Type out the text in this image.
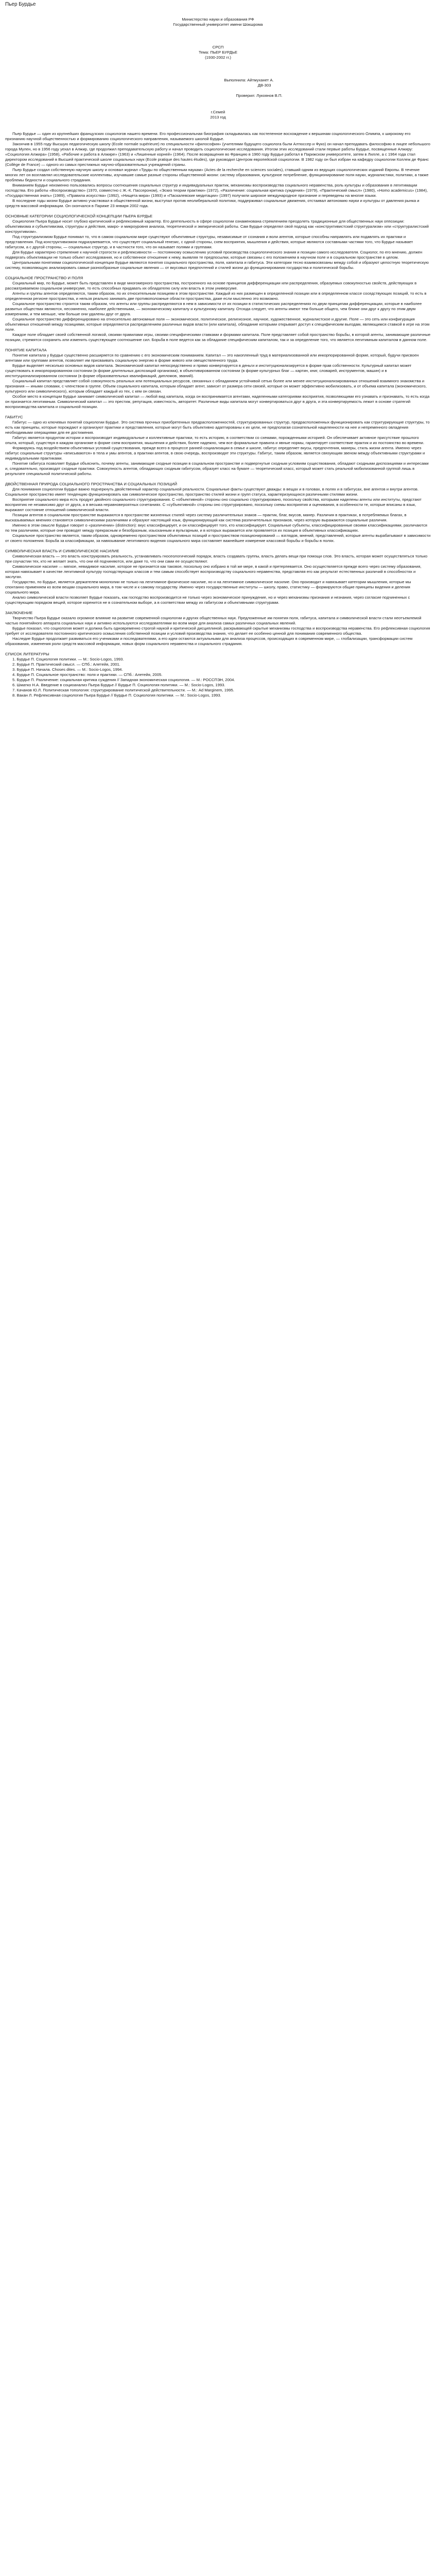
Пьер Бурдье

Министерство науки и образования РФ

Государственный университет имени Шокшрома

СРСП

Тема: ПЬЕР БУРДЬЕ

(1930-2002 гг.)

Выполнила: Айтмуханет А.

ДВ-303

Проверил: Лукоянов В.П.

г.Семей

2013 год

Пьер Бурдье — один из крупнейших французских социологов нашего времени. Его профессиональная биография складывалась как постепенное восхождение к вершинам социологического Олимпа, к широкому его признанию научной общественностью и формированию социологического направления, называемого школой Бурдье.

Закончив в 1955 году Высшую педагогическую школу (Ecole normale supérieure) по специальности «философия» (учителями будущего социолога были Алтюссер и Фуко) он начал преподавать философию в лицее небольшого города Мулен, но в 1956 году уехал в Алжир, где продолжил преподавательскую работу и начал проводить социологические исследования. Итогом этих исследований стали первые работы Бурдье, посвященные Алжиру: «Социология Алжира» (1958), «Рабочие и работа в Алжире» (1963) и «Лишенные корней» (1964). После возвращения во Францию в 1960 году Бурдье работал в Парижском университете, затем в Лилле, а с 1964 года стал директором исследований в Высшей практической школе социальных наук (Ecole pratique des hautes études), где руководил Центром европейской социологии. В 1982 году он был избран на кафедру социологии Коллеж де Франс (Collège de France) — одного из самых престижных научно-образовательных учреждений страны.

Пьер Бурдье создал собственную научную школу и основал журнал «Труды по общественным наукам» (Actes de la recherche en sciences sociales), ставший одним из ведущих социологических изданий Европы. В течение многих лет он возглавлял исследовательские коллективы, изучавшие самые разные стороны общественной жизни: систему образования, культурное потребление, функционирование поля науки, журналистики, политики, а также проблемы бедности и социального страдания.

Вниманием Бурдье неизменно пользовались вопросы соотношения социальных структур и индивидуальных практик, механизмы воспроизводства социального неравенства, роль культуры и образования в легитимации господства. Его работы «Воспроизводство» (1970, совместно с Ж.-К. Пассероном), «Эскиз теории практики» (1972), «Различение: социальная критика суждения» (1979), «Практический смысл» (1980), «Homo academicus» (1984), «Государственная знать» (1989), «Правила искусства» (1992), «Нищета мира» (1993) и «Паскалевские медитации» (1997) получили широкое международное признание и переведены на многие языки.

В последние годы жизни Бурдье активно участвовал в общественной жизни, выступал против неолиберальной политики, поддерживал социальные движения, отстаивал автономию науки и культуры от давления рынка и средств массовой информации. Он скончался в Париже 23 января 2002 года.

ОСНОВНЫЕ КАТЕГОРИИ СОЦИОЛОГИЧЕСКОЙ КОНЦЕПЦИИ ПЬЕРА БУРДЬЕ

Социология Пьера Бурдье носит глубоко критический и рефлексивный характер. Его деятельность в сфере социологии ознаменована стремлением преодолеть традиционные для общественных наук оппозиции: объективизма и субъективизма, структуры и действия, макро- и микроуровня анализа, теоретической и эмпирической работы. Сам Бурдье определял свой подход как «конструктивистский структурализм» или «структуралистский конструктивизм».

Под структурализмом Бурдье понимал то, что в самом социальном мире существуют объективные структуры, независимые от сознания и воли агентов, которые способны направлять или подавлять их практики и представления. Под конструктивизмом подразумевается, что существует социальный генезис, с одной стороны, схем восприятия, мышления и действия, которые являются составными частями того, что Бурдье называет габитусом, а с другой стороны, — социальных структур, и в частности того, что он называет полями и группами.

Для Бурдье характерно стремление к научной строгости и рефлексивности — постоянному осмыслению условий производства социологического знания и позиции самого исследователя. Социолог, по его мнению, должен подвергать объективации не только объект исследования, но и собственное отношение к нему, выявляя те предпосылки, которые связаны с его положением в научном поле и в социальном пространстве в целом.

Центральными понятиями социологической концепции Бурдье являются понятия социального пространства, поля, капитала и габитуса. Эти категории тесно взаимосвязаны между собой и образуют целостную теоретическую систему, позволяющую анализировать самые разнообразные социальные явления — от вкусовых предпочтений и стилей жизни до функционирования государства и политической борьбы.

СОЦИАЛЬНОЕ ПРОСТРАНСТВО И ПОЛЯ

Социальный мир, по Бурдье, может быть представлен в виде многомерного пространства, построенного на основе принципов дифференциации или распределения, образуемых совокупностью свойств, действующих в рассматриваемом социальном универсуме, то есть способных придавать их обладателю силу или власть в этом универсуме.

Агенты и группы агентов определяются, таким образом, по их относительным позициям в этом пространстве. Каждый из них размещен в определенной позиции или в определенном классе соседствующих позиций, то есть в определенном регионе пространства, и нельзя реально занимать две противоположные области пространства, даже если мысленно это возможно.

Социальное пространство строится таким образом, что агенты или группы распределяются в нем в зависимости от их позиции в статистических распределениях по двум принципам дифференциации, которые в наиболее развитых обществах являются, несомненно, наиболее действенными, — экономическому капиталу и культурному капиталу. Отсюда следует, что агенты имеют тем больше общего, чем ближе они друг к другу по этим двум измерениям, и тем меньше, чем больше они удалены друг от друга.

Социальное пространство дифференцировано на относительно автономные поля — экономическое, политическое, религиозное, научное, художественное, журналистское и другие. Поле — это сеть или конфигурация объективных отношений между позициями, которые определяются распределением различных видов власти (или капитала), обладание которыми открывает доступ к специфическим выгодам, являющимся ставкой в игре на этом поле.

Каждое поле обладает своей собственной логикой, своими правилами игры, своими специфическими ставками и формами капитала. Поле представляет собой пространство борьбы, в которой агенты, занимающие различные позиции, стремятся сохранить или изменить существующее соотношение сил. Борьба в поле ведется как за обладание специфическим капиталом, так и за определение того, что является легитимным капиталом в данном поле.

ПОНЯТИЕ КАПИТАЛА

Понятие капитала у Бурдье существенно расширяется по сравнению с его экономическим пониманием. Капитал — это накопленный труд в материализованной или инкорпорированной форме, который, будучи присвоен агентами или группами агентов, позволяет им присваивать социальную энергию в форме живого или овеществленного труда.

Бурдье выделяет несколько основных видов капитала. Экономический капитал непосредственно и прямо конвертируется в деньги и институционализируется в форме прав собственности. Культурный капитал может существовать в инкорпорированном состоянии (в форме длительных диспозиций организма), в объективированном состоянии (в форме культурных благ — картин, книг, словарей, инструментов, машин) и в институционализированном состоянии (в форме образовательных квалификаций, дипломов, званий).

Социальный капитал представляет собой совокупность реальных или потенциальных ресурсов, связанных с обладанием устойчивой сетью более или менее институционализированных отношений взаимного знакомства и признания — иными словами, с членством в группе. Объем социального капитала, которым обладает агент, зависит от размера сети связей, которые он может эффективно мобилизовать, и от объема капитала (экономического, культурного или символического), которым обладает каждый из тех, с кем он связан.

Особое место в концепции Бурдье занимает символический капитал — любой вид капитала, когда он воспринимается агентами, наделенными категориями восприятия, позволяющими его узнавать и признавать, то есть когда он признается легитимным. Символический капитал — это престиж, репутация, известность, авторитет. Различные виды капитала могут конвертироваться друг в друга, и эта конвертируемость лежит в основе стратегий воспроизводства капитала и социальной позиции.

ГАБИТУС

Габитус — одно из ключевых понятий социологии Бурдье. Это система прочных приобретенных предрасположенностей, структурированных структур, предрасположенных функционировать как структурирующие структуры, то есть как принципы, которые порождают и организуют практики и представления, которые могут быть объективно адаптированы к их цели, не предполагая сознательной нацеленности на нее и непременного овладения необходимыми операциями для ее достижения.

Габитус является продуктом истории и воспроизводит индивидуальные и коллективные практики, то есть историю, в соответствии со схемами, порожденными историей. Он обеспечивает активное присутствие прошлого опыта, который, существуя в каждом организме в форме схем восприятия, мышления и действия, более надежно, чем все формальные правила и явные нормы, гарантирует соответствие практик и их постоянство во времени.

Формируясь под воздействием объективных условий существования, прежде всего в процессе ранней социализации в семье и школе, габитус определяет вкусы, предпочтения, манеры, стиль жизни агента. Именно через габитус социальные структуры «вписываются» в тела и умы агентов, а практики агентов, в свою очередь, воспроизводят эти структуры. Габитус, таким образом, является связующим звеном между объективными структурами и индивидуальными практиками.

Понятие габитуса позволяет Бурдье объяснить, почему агенты, занимающие сходные позиции в социальном пространстве и подвергнутые сходным условиям существования, обладают сходными диспозициями и интересами и, следовательно, производят сходные практики. Совокупность агентов, обладающих сходным габитусом, образует класс на бумаге — теоретический класс, который может стать реальной мобилизованной группой лишь в результате специальной политической работы.

ДВОЙСТВЕННАЯ ПРИРОДА СОЦИАЛЬНОГО ПРОСТРАНСТВА И СОЦИАЛЬНЫХ ПОЗИЦИЙ

Для понимания социологии Бурдье важно подчеркнуть двойственный характер социальной реальности. Социальные факты существуют дважды: в вещах и в головах, в полях и в габитусах, вне агентов и внутри агентов. Социальное пространство имеет тенденцию функционировать как символическое пространство, пространство стилей жизни и групп статуса, характеризующихся различными стилями жизни.

Восприятие социального мира есть продукт двойного социального структурирования. С «объективной» стороны оно социально структурировано, поскольку свойства, которыми наделены агенты или институты, предстают восприятию не независимо друг от друга, а в весьма неравновероятных сочетаниях. С «субъективной» стороны оно структурировано, поскольку схемы восприятия и оценивания, в особенности те, которые вписаны в язык, выражают состояние отношений символической власти.

Позиции агентов в социальном пространстве выражаются в пространстве жизненных стилей через систему различительных знаков — практик, благ, вкусов, манер. Различия в практиках, в потребляемых благах, в высказываемых мнениях становятся символическими различиями и образуют настоящий язык, функционирующий как система различительных признаков, через которую выражаются социальные различия.

Именно в этом смысле Бурдье говорит о «различении» (distinction): вкус классифицирует, и он классифицирует того, кто классифицирует. Социальные субъекты, классифицированные своими классификациями, различаются по тем различиям, которые они проводят между прекрасным и безобразным, изысканным и вульгарным, и в которых выражается или проявляется их позиция в объективных классификациях.

Социальное пространство является, таким образом, одновременно пространством объективных позиций и пространством позиционирований — взглядов, мнений, представлений, которые агенты вырабатывают в зависимости от своего положения. Борьба за классификации, за навязывание легитимного видения социального мира составляет важнейшее измерение классовой борьбы и борьбы в полях.

СИМВОЛИЧЕСКАЯ ВЛАСТЬ И СИМВОЛИЧЕСКОЕ НАСИЛИЕ

Символическая власть — это власть конструировать реальность, устанавливать гносеологический порядок, власть создавать группы, власть делать вещи при помощи слов. Это власть, которая может осуществляться только при соучастии тех, кто не желает знать, что они ей подчиняются, или даже то, что они сами ее осуществляют.

Символическое насилие — мягкое, невидимое насилие, которое не признается как таковое, поскольку оно избрано в той же мере, в какой и претерпевается. Оно осуществляется прежде всего через систему образования, которая навязывает в качестве легитимной культуру господствующих классов и тем самым способствует воспроизводству социального неравенства, представляя его как результат естественных различий в способностях и заслугах.

Государство, по Бурдье, является держателем монополии не только на легитимное физическое насилие, но и на легитимное символическое насилие. Оно производит и навязывает категории мышления, которые мы спонтанно применяем ко всем вещам социального мира, в том числе и к самому государству. Именно через государственные институты — школу, право, статистику — формируются общие принципы видения и деления социального мира.

Анализ символической власти позволяет Бурдье показать, как господство воспроизводится не только через экономическое принуждение, но и через механизмы признания и незнания, через согласие подчиненных с существующим порядком вещей, которое коренится не в сознательном выборе, а в соответствии между их габитусом и объективными структурами.

ЗАКЛЮЧЕНИЕ

Творчество Пьера Бурдье оказало огромное влияние на развитие современной социологии и других общественных наук. Предложенные им понятия поля, габитуса, капитала и символической власти стали неотъемлемой частью понятийного аппарата социальных наук и активно используются исследователями во всем мире для анализа самых различных социальных явлений.

Бурдье показал, что социология может и должна быть одновременно строгой наукой и критической дисциплиной, раскрывающей скрытые механизмы господства и воспроизводства неравенства. Его рефлексивная социология требует от исследователя постоянного критического осмысления собственной позиции и условий производства знания, что делает ее особенно ценной для понимания современного общества.

Наследие Бурдье продолжает развиваться его учениками и последователями, а его идеи остаются актуальными для анализа процессов, происходящих в современном мире, — глобализации, трансформации систем образования, изменения роли средств массовой информации, новых форм социального неравенства и социального страдания.

СПИСОК ЛИТЕРАТУРЫ

1. Бурдье П. Социология политики. — М.: Socio-Logos, 1993.

2. Бурдье П. Практический смысл. — СПб.: Алетейя, 2001.

3. Бурдье П. Начала. Choses dites. — М.: Socio-Logos, 1994.

4. Бурдье П. Социальное пространство: поля и практики. — СПб.: Алетейя, 2005.

5. Бурдье П. Различение: социальная критика суждения // Западная экономическая социология. — М.: РОССПЭН, 2004.

6. Шматко Н.А. Введение в социоанализ Пьера Бурдье // Бурдье П. Социология политики. — М.: Socio-Logos, 1993.

7. Качанов Ю.Л. Политическая топология: структурирование политической действительности. — М.: Ad Marginem, 1995.

8. Вакан Л. Рефлексивная социология Пьера Бурдье // Бурдье П. Социология политики. — М.: Socio-Logos, 1993.
